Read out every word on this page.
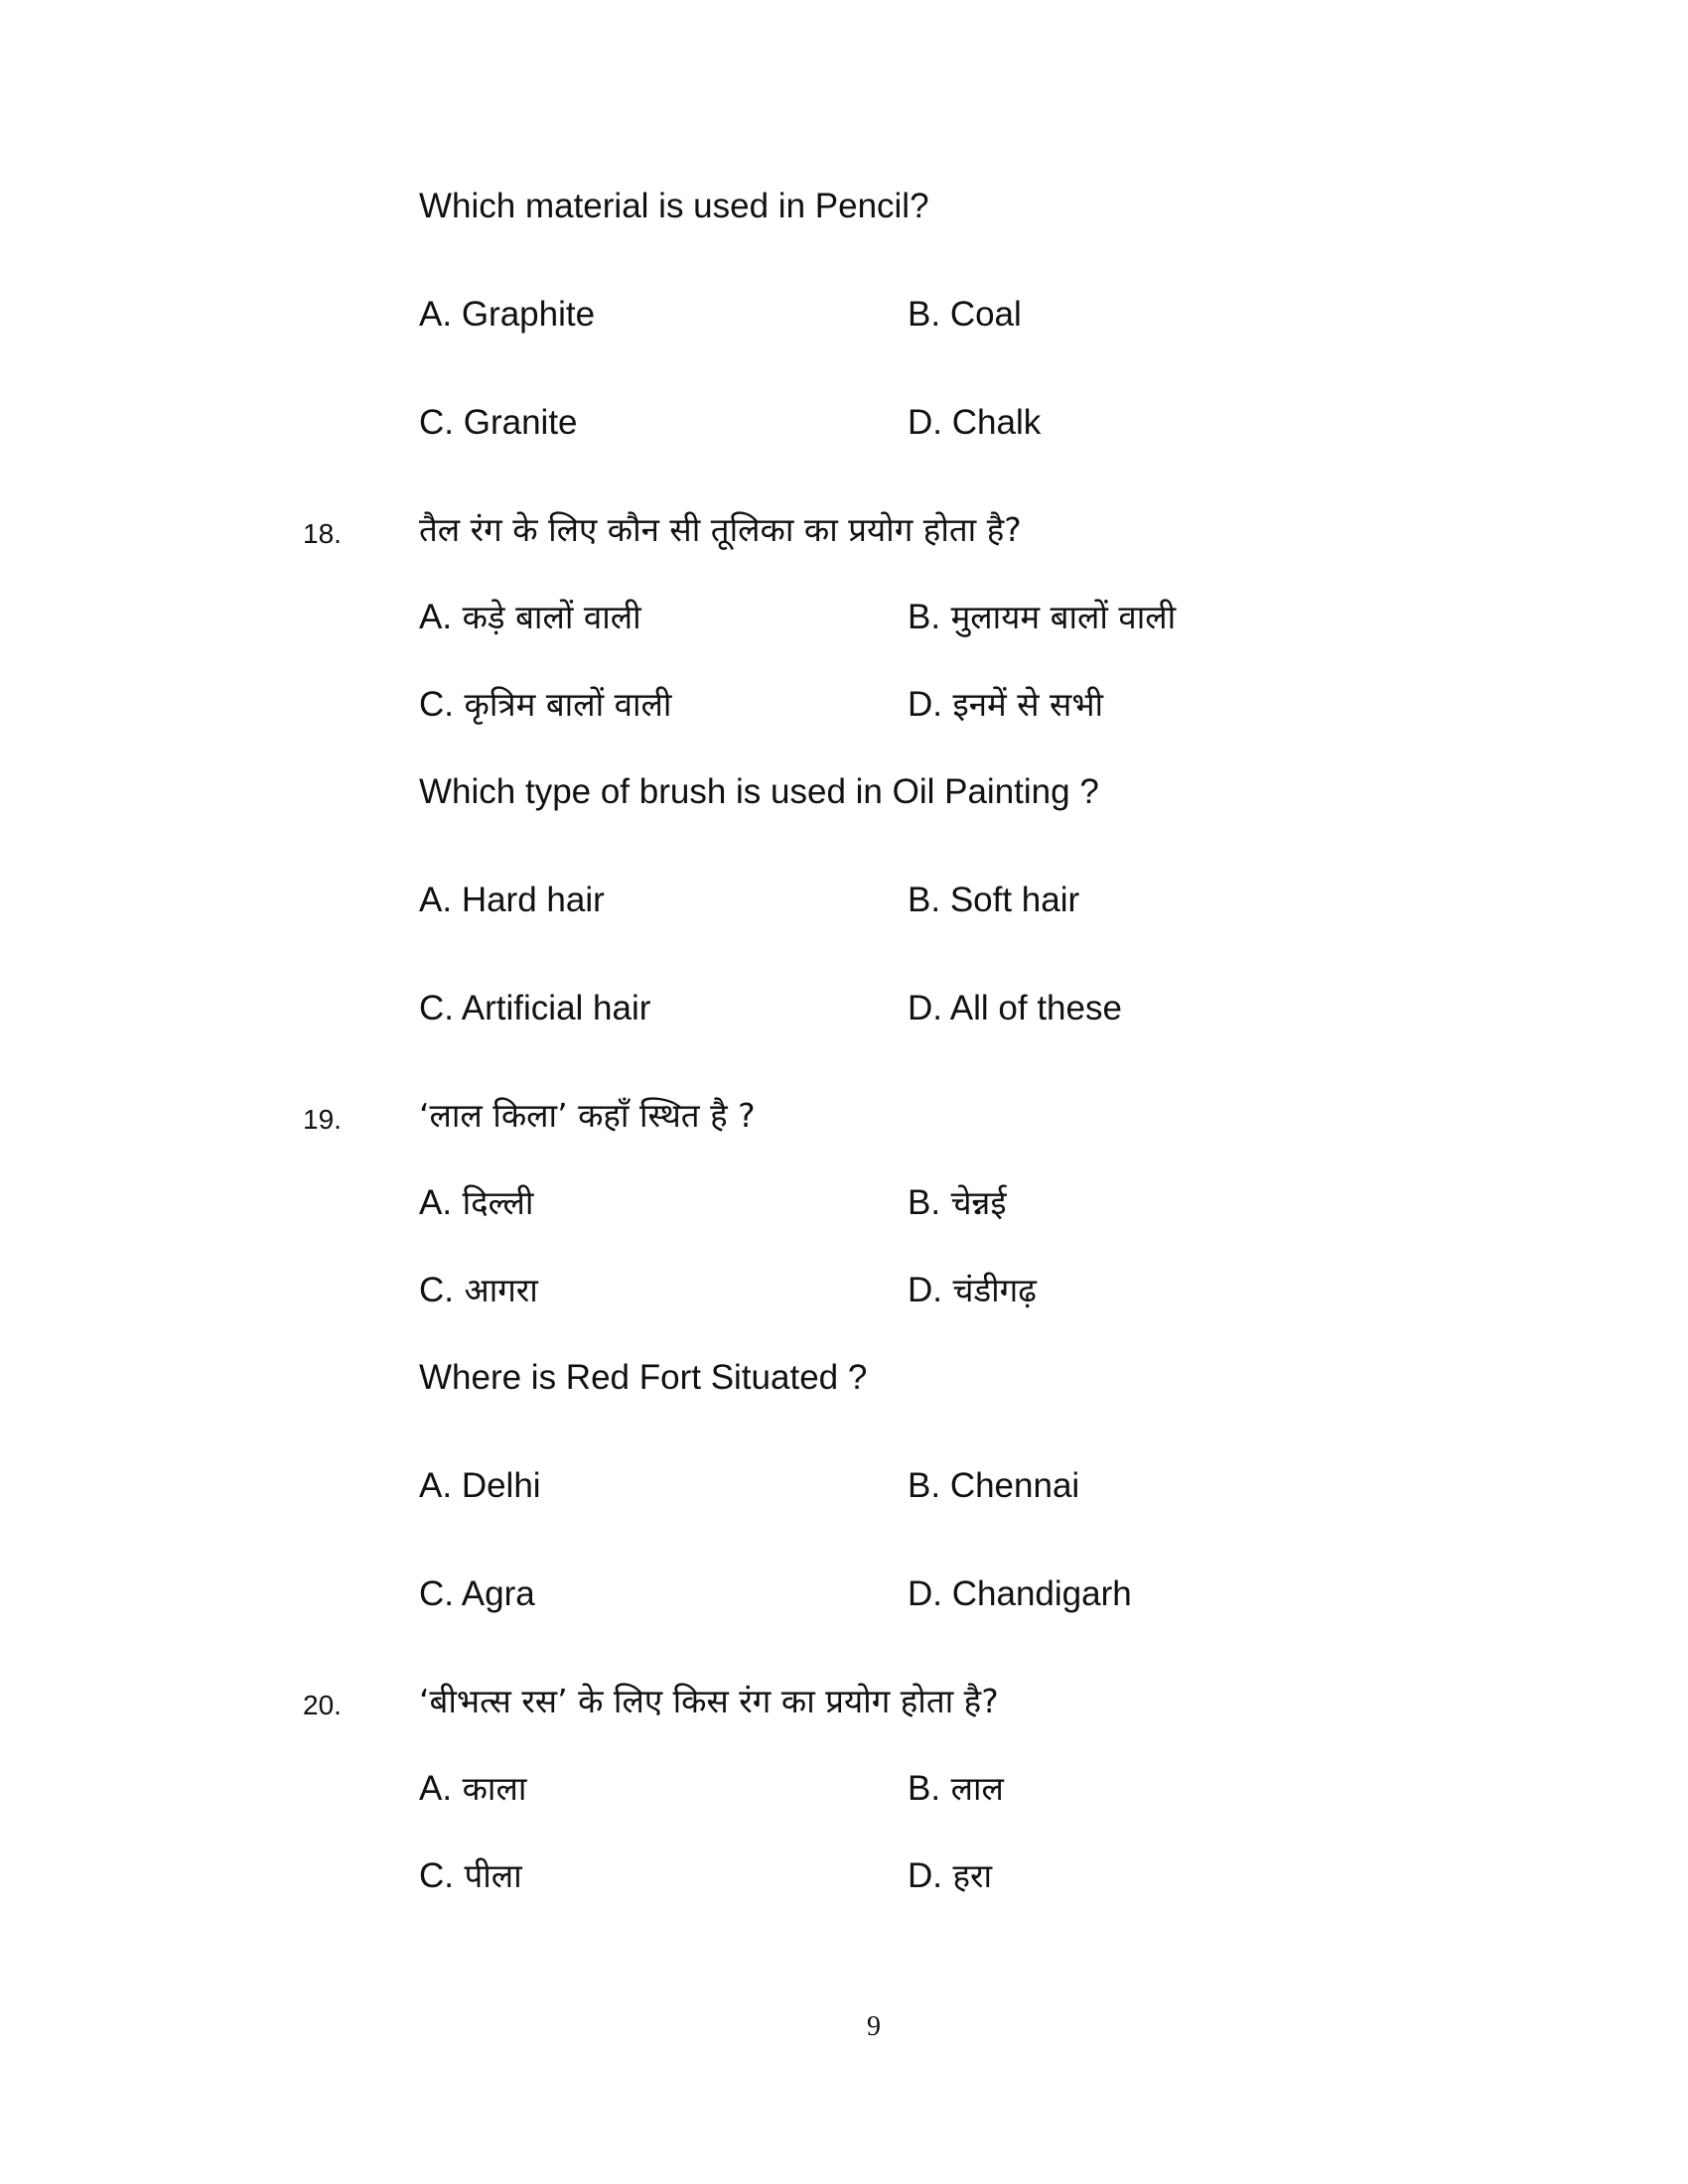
Which material is used in Pencil?
A. Graphite	B. Coal
C. Granite	D. Chalk
18. तैल रंग के लिए कौन सी तूलिका का प्रयोग होता है?
A. कड़े बालों वाली	B. मुलायम बालों वाली
C. कृत्रिम बालों वाली	D. इनमें से सभी
Which type of brush is used in Oil Painting ?
A. Hard hair	B. Soft hair
C. Artificial hair	D. All of these
19. ‘लाल किला’ कहाँ स्थित है ?
A. दिल्ली	B. चेन्नई
C. आगरा	D. चंडीगढ़
Where is Red Fort Situated ?
A. Delhi	B. Chennai
C. Agra	D. Chandigarh
20. ‘बीभत्स रस’ के लिए किस रंग का प्रयोग होता है?
A. काला	B. लाल
C. पीला	D. हरा
9
